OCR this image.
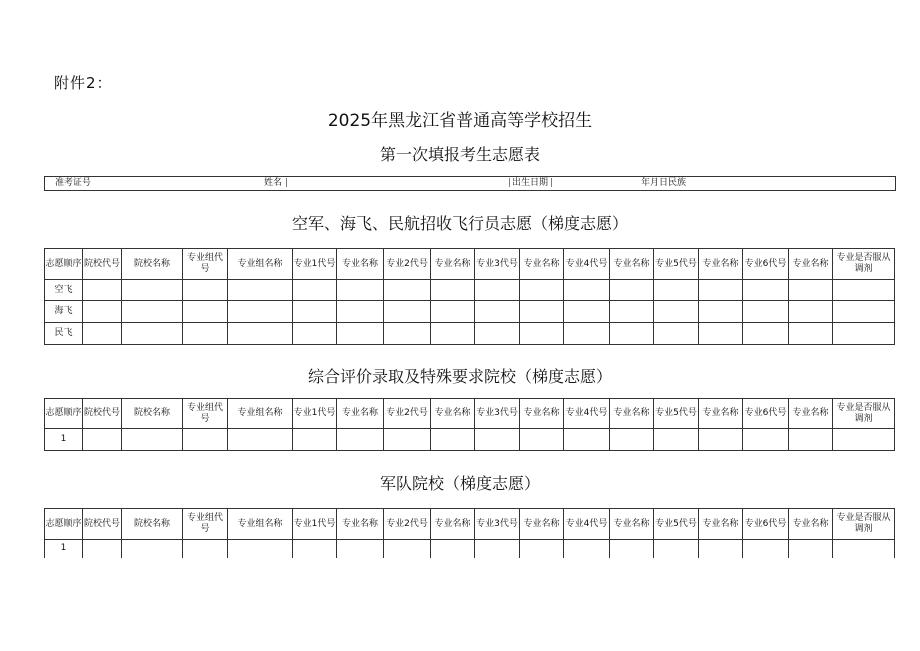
附件2：
2025年黑龙江省普通高等学校招生
第一次填报考生志愿表
准考证号	姓名 |	| 出生日期 |	年月日民族
空军、海飞、民航招收飞行员志愿（梯度志愿）
志愿顺序	院校代号	院校名称	专业组代号	专业组名称	专业1代号	专业名称	专业2代号	专业名称	专业3代号	专业名称	专业4代号	专业名称	专业5代号	专业名称	专业6代号	专业名称	专业是否服从调剂
空飞																	
海飞																	
民飞																	
综合评价录取及特殊要求院校（梯度志愿）
志愿顺序	院校代号	院校名称	专业组代号	专业组名称	专业1代号	专业名称	专业2代号	专业名称	专业3代号	专业名称	专业4代号	专业名称	专业5代号	专业名称	专业6代号	专业名称	专业是否服从调剂
1																	
军队院校（梯度志愿）
志愿顺序	院校代号	院校名称	专业组代号	专业组名称	专业1代号	专业名称	专业2代号	专业名称	专业3代号	专业名称	专业4代号	专业名称	专业5代号	专业名称	专业6代号	专业名称	专业是否服从调剂
1																	
